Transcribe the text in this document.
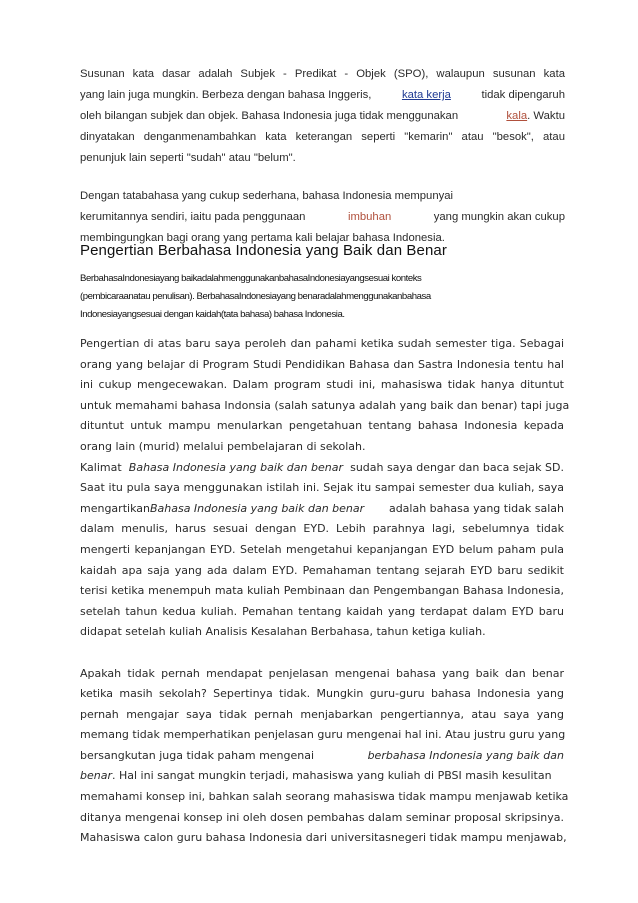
Susunan kata dasar adalah Subjek - Predikat - Objek (SPO), walaupun susunan kata
yang lain juga mungkin. Berbeza dengan bahasa Inggeris,	kata kerja	tidak dipengaruh
oleh bilangan subjek dan objek. Bahasa Indonesia juga tidak menggunakan	kala. Waktu
dinyatakan denganmenambahkan kata keterangan seperti "kemarin" atau "besok", atau
penunjuk lain seperti "sudah" atau "belum".
Dengan tatabahasa yang cukup sederhana, bahasa Indonesia mempunyai
kerumitannya sendiri, iaitu pada penggunaan	imbuhan	yang mungkin akan cukup
membingungkan bagi orang yang pertama kali belajar bahasa Indonesia.
Pengertian Berbahasa Indonesia yang Baik dan Benar
BerbahasaIndonesiayang baikadalahmenggunakanbahasaIndonesiayangsesuai konteks
(pembicaraanatau penulisan). BerbahasaIndonesiayang benaradalahmenggunakanbahasa
Indonesiayangsesuai dengan kaidah(tata bahasa) bahasa Indonesia.
Pengertian di atas baru saya peroleh dan pahami ketika sudah semester tiga. Sebagai
orang yang belajar di Program Studi Pendidikan Bahasa dan Sastra Indonesia tentu hal
ini cukup mengecewakan. Dalam program studi ini, mahasiswa tidak hanya dituntut
untuk memahami bahasa Indonsia (salah satunya adalah yang baik dan benar) tapi juga
dituntut untuk mampu menularkan pengetahuan tentang bahasa Indonesia kepada
orang lain (murid) melalui pembelajaran di sekolah.
Kalimat Bahasa Indonesia yang baik dan benar sudah saya dengar dan baca sejak SD.
Saat itu pula saya menggunakan istilah ini. Sejak itu sampai semester dua kuliah, saya
mengartikanBahasa Indonesia yang baik dan benar adalah bahasa yang tidak salah
dalam menulis, harus sesuai dengan EYD. Lebih parahnya lagi, sebelumnya tidak
mengerti kepanjangan EYD. Setelah mengetahui kepanjangan EYD belum paham pula
kaidah apa saja yang ada dalam EYD. Pemahaman tentang sejarah EYD baru sedikit
terisi ketika menempuh mata kuliah Pembinaan dan Pengembangan Bahasa Indonesia,
setelah tahun kedua kuliah. Pemahan tentang kaidah yang terdapat dalam EYD baru
didapat setelah kuliah Analisis Kesalahan Berbahasa, tahun ketiga kuliah.
Apakah tidak pernah mendapat penjelasan mengenai bahasa yang baik dan benar
ketika masih sekolah? Sepertinya tidak. Mungkin guru-guru bahasa Indonesia yang
pernah mengajar saya tidak pernah menjabarkan pengertiannya, atau saya yang
memang tidak memperhatikan penjelasan guru mengenai hal ini. Atau justru guru yang
bersangkutan juga tidak paham mengenai	berbahasa Indonesia yang baik dan
benar. Hal ini sangat mungkin terjadi, mahasiswa yang kuliah di PBSI masih kesulitan
memahami konsep ini, bahkan salah seorang mahasiswa tidak mampu menjawab ketika
ditanya mengenai konsep ini oleh dosen pembahas dalam seminar proposal skripsinya.
Mahasiswa calon guru bahasa Indonesia dari universitasnegeri tidak mampu menjawab,
